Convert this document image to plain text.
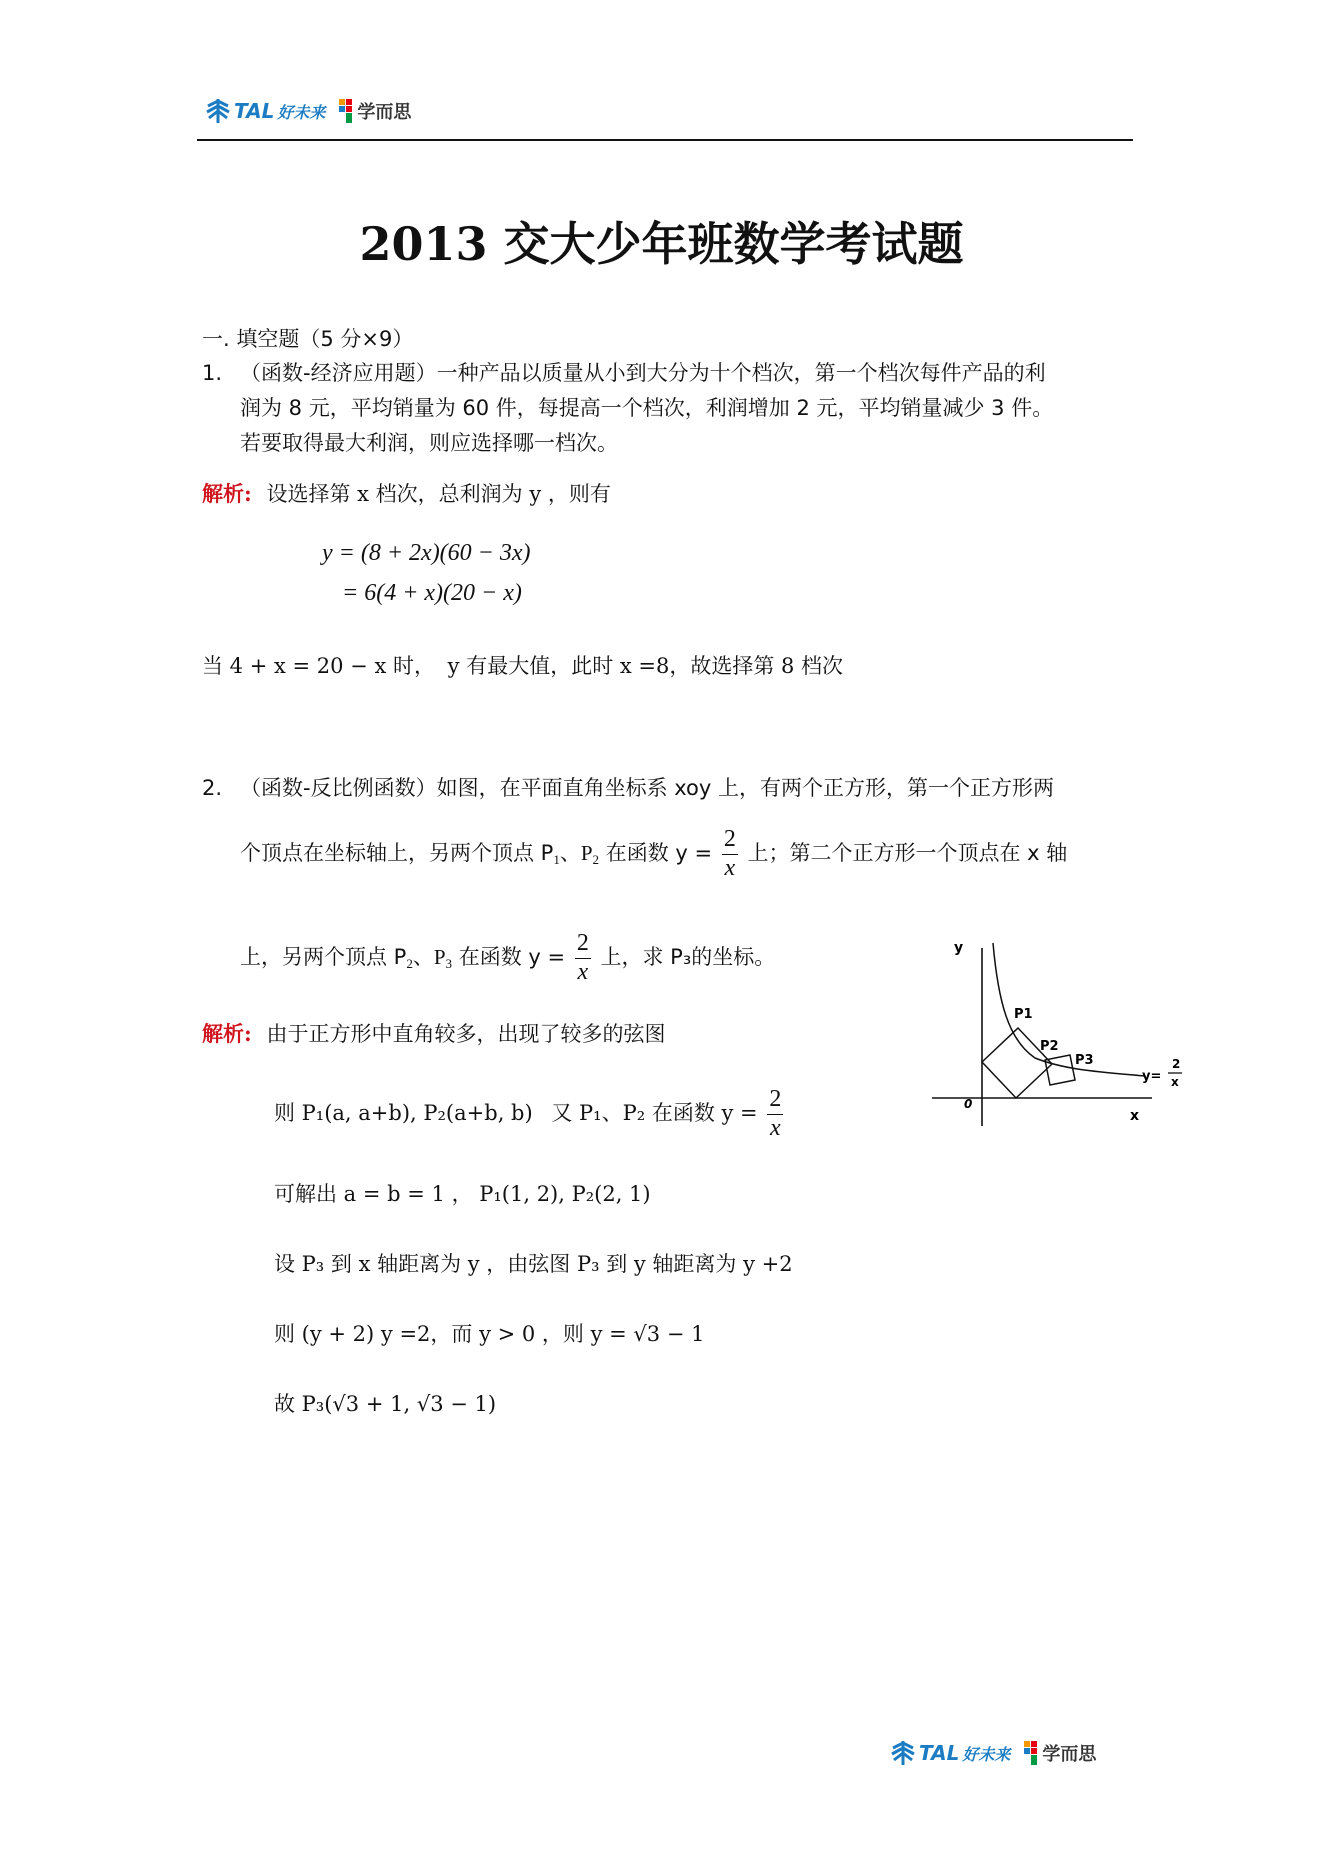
TAL 好未来 学而思
2013 交大少年班数学考试题
一. 填空题（5 分×9）
1. （函数-经济应用题）一种产品以质量从小到大分为十个档次，第一个档次每件产品的利
润为 8 元，平均销量为 60 件，每提高一个档次，利润增加 2 元，平均销量减少 3 件。
若要取得最大利润，则应选择哪一档次。
解析: 设选择第 x 档次，总利润为 y ，则有
y = (8 + 2x)(60 − 3x)
= 6(4 + x)(20 − x)
当 4 + x = 20 − x 时， y 有最大值，此时 x =8，故选择第 8 档次
2. （函数-反比例函数）如图，在平面直角坐标系 xoy 上，有两个正方形，第一个正方形两
个顶点在坐标轴上，另两个顶点 $P_1$、$P_2$ 在函数 $y = \frac{2}{x}$ 上；第二个正方形一个顶点在 x 轴
上，另两个顶点 $P_2$、$P_3$ 在函数 $y = \frac{2}{x}$ 上，求 P₃的坐标。
解析: 由于正方形中直角较多，出现了较多的弦图
则 P₁(a, a+b), P₂(a+b, b) 又 P₁、P₂ 在函数 $y = \frac{2}{x}$
可解出 a = b = 1 ， P₁(1, 2), P₂(2, 1)
设 P₃ 到 x 轴距离为 y ，由弦图 P₃ 到 y 轴距离为 y +2
则 (y + 2) y =2，而 y > 0 ，则 y = √3 − 1
故 P₃(√3 + 1, √3 − 1)
y
x
0
P1
P2
P3
y=
2
x
TAL 好未来 学而思
